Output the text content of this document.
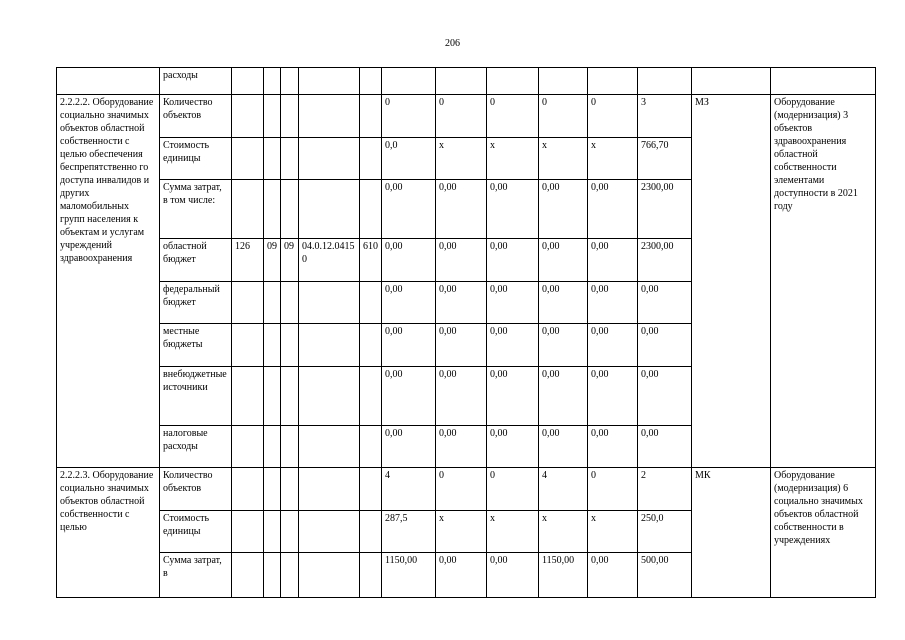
206
	расходы													
2.2.2.2. Оборудование социально значимых объектов областной собственности с целью обеспечения беспрепятственно го доступа инвалидов и других маломобильных групп населения к объектам и услугам учреждений здравоохранения	Количество объектов						0	0	0	0	0	3	МЗ	Оборудование (модернизация) 3 объектов здравоохранения областной собственности элементами доступности в 2021 году
	Стоимость единицы						0,0	х	х	х	х	766,70		
	Сумма затрат, в том числе:						0,00	0,00	0,00	0,00	0,00	2300,00		
	областной бюджет	126	09	09	04.0.12.04150	610	0,00	0,00	0,00	0,00	0,00	2300,00		
	федеральный бюджет						0,00	0,00	0,00	0,00	0,00	0,00		
	местные бюджеты						0,00	0,00	0,00	0,00	0,00	0,00		
	внебюджетные источники						0,00	0,00	0,00	0,00	0,00	0,00		
	налоговые расходы						0,00	0,00	0,00	0,00	0,00	0,00		
2.2.2.3. Оборудование социально значимых объектов областной собственности с целью	Количество объектов						4	0	0	4	0	2	МК	Оборудование (модернизация) 6 социально значимых объектов областной собственности в учреждениях
	Стоимость единицы						287,5	х	х	х	х	250,0		
	Сумма затрат, в						1150,00	0,00	0,00	1150,00	0,00	500,00		
